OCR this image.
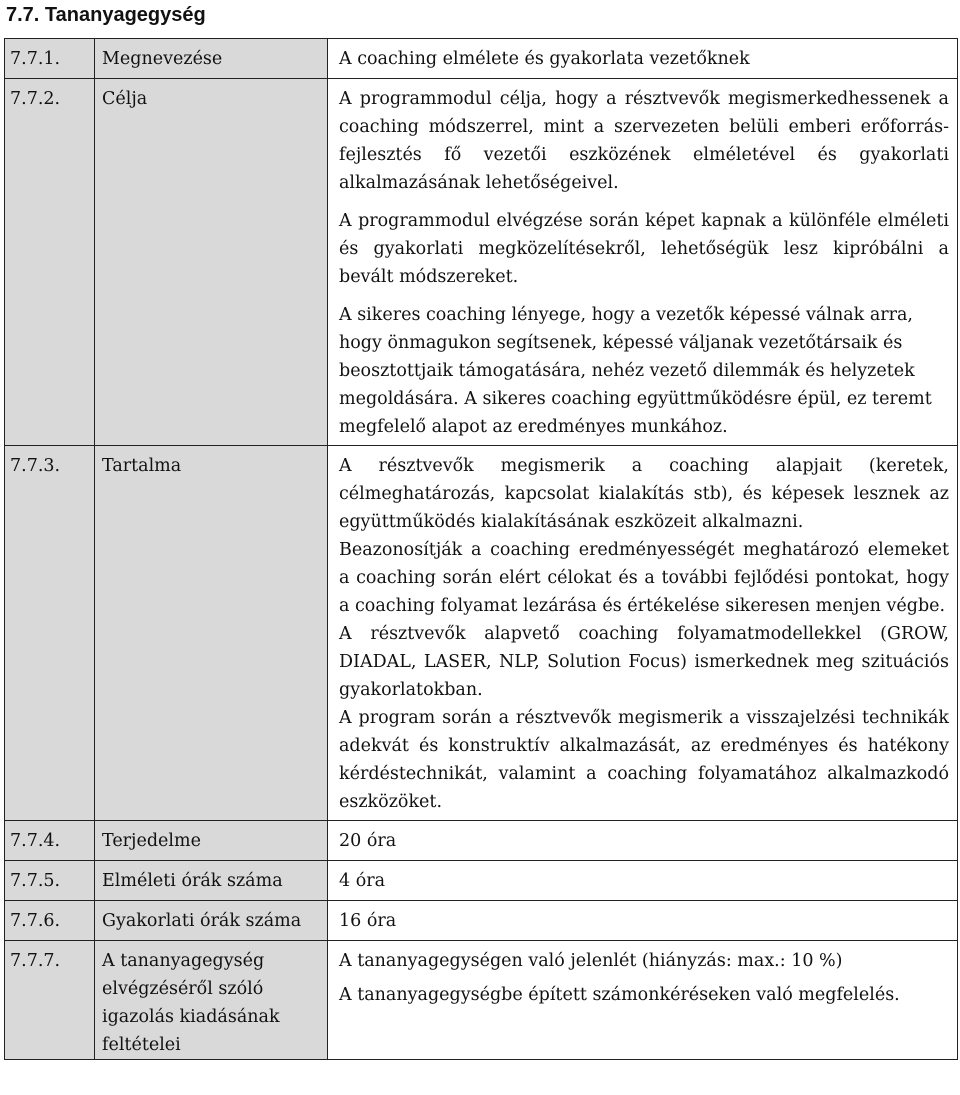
7.7. Tananyagegység
7.7.1.	Megnevezése	A coaching elmélete és gyakorlata vezetőknek
7.7.2.	Célja	A programmodul célja, hogy a résztvevők megismerkedhessenek a coaching módszerrel, mint a szervezeten belüli emberi erőforrás-fejlesztés fő vezetői eszközének elméletével és gyakorlati alkalmazásának lehetőségeivel.

A programmodul elvégzése során képet kapnak a különféle elméleti és gyakorlati megközelítésekről, lehetőségük lesz kipróbálni a bevált módszereket.

A sikeres coaching lényege, hogy a vezetők képessé válnak arra, hogy önmagukon segítsenek, képessé váljanak vezetőtársaik és beosztottjaik támogatására, nehéz vezető dilemmák és helyzetek megoldására. A sikeres coaching együttműködésre épül, ez teremt megfelelő alapot az eredményes munkához.

7.7.3.	Tartalma	A résztvevők megismerik a coaching alapjait (keretek, célmeghatározás, kapcsolat kialakítás stb), és képesek lesznek az együttműködés kialakításának eszközeit alkalmazni.

Beazonosítják a coaching eredményességét meghatározó elemeket a coaching során elért célokat és a további fejlődési pontokat, hogy a coaching folyamat lezárása és értékelése sikeresen menjen végbe.

A résztvevők alapvető coaching folyamatmodellekkel (GROW, DIADAL, LASER, NLP, Solution Focus) ismerkednek meg szituációs gyakorlatokban.

A program során a résztvevők megismerik a visszajelzési technikák adekvát és konstruktív alkalmazását, az eredményes és hatékony kérdéstechnikát, valamint a coaching folyamatához alkalmazkodó eszközöket.

7.7.4.	Terjedelme	20 óra
7.7.5.	Elméleti órák száma	4 óra
7.7.6.	Gyakorlati órák száma	16 óra
7.7.7.	A tananyagegység elvégzéséről szóló igazolás kiadásának feltételei	A tananyagegységen való jelenlét (hiányzás: max.: 10 %)

A tananyagegységbe épített számonkéréseken való megfelelés.
